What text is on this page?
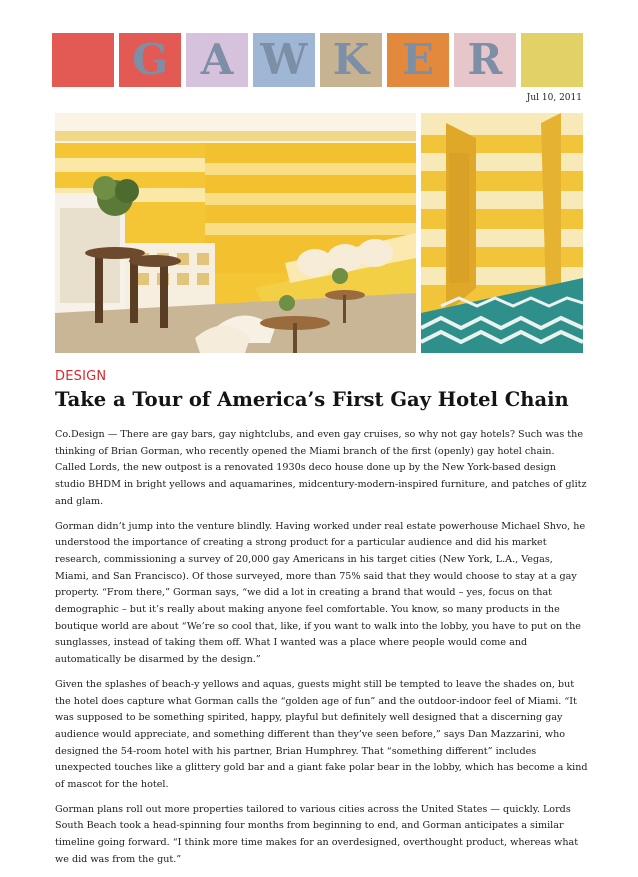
G A W K E R
Jul 10, 2011
DESIGN
Take a Tour of America’s First Gay Hotel Chain

Co.Design — There are gay bars, gay nightclubs, and even gay cruises, so why not gay hotels? Such was the thinking of Brian Gorman, who recently opened the Miami branch of the first (openly) gay hotel chain. Called Lords, the new outpost is a renovated 1930s deco house done up by the New York-based design studio BHDM in bright yellows and aquamarines, midcentury-modern-inspired furniture, and patches of glitz and glam.

Gorman didn’t jump into the venture blindly. Having worked under real estate powerhouse Michael Shvo, he understood the importance of creating a strong product for a particular audience and did his market research, commissioning a survey of 20,000 gay Americans in his target cities (New York, L.A., Vegas, Miami, and San Francisco). Of those surveyed, more than 75% said that they would choose to stay at a gay property. “From there,” Gorman says, “we did a lot in creating a brand that would – yes, focus on that demographic – but it’s really about making anyone feel comfortable. You know, so many products in the boutique world are about “We’re so cool that, like, if you want to walk into the lobby, you have to put on the sunglasses, instead of taking them off. What I wanted was a place where people would come and automatically be disarmed by the design.”

Given the splashes of beach-y yellows and aquas, guests might still be tempted to leave the shades on, but the hotel does capture what Gorman calls the “golden age of fun” and the outdoor-indoor feel of Miami. “It was supposed to be something spirited, happy, playful but definitely well designed that a discerning gay audience would appreciate, and something different than they’ve seen before,” says Dan Mazzarini, who designed the 54-room hotel with his partner, Brian Humphrey. That “something different” includes unexpected touches like a glittery gold bar and a giant fake polar bear in the lobby, which has become a kind of mascot for the hotel.

Gorman plans roll out more properties tailored to various cities across the United States — quickly. Lords South Beach took a head-spinning four months from beginning to end, and Gorman anticipates a similar timeline going forward. “I think more time makes for an overdesigned, overthought product, whereas what we did was from the gut.”
